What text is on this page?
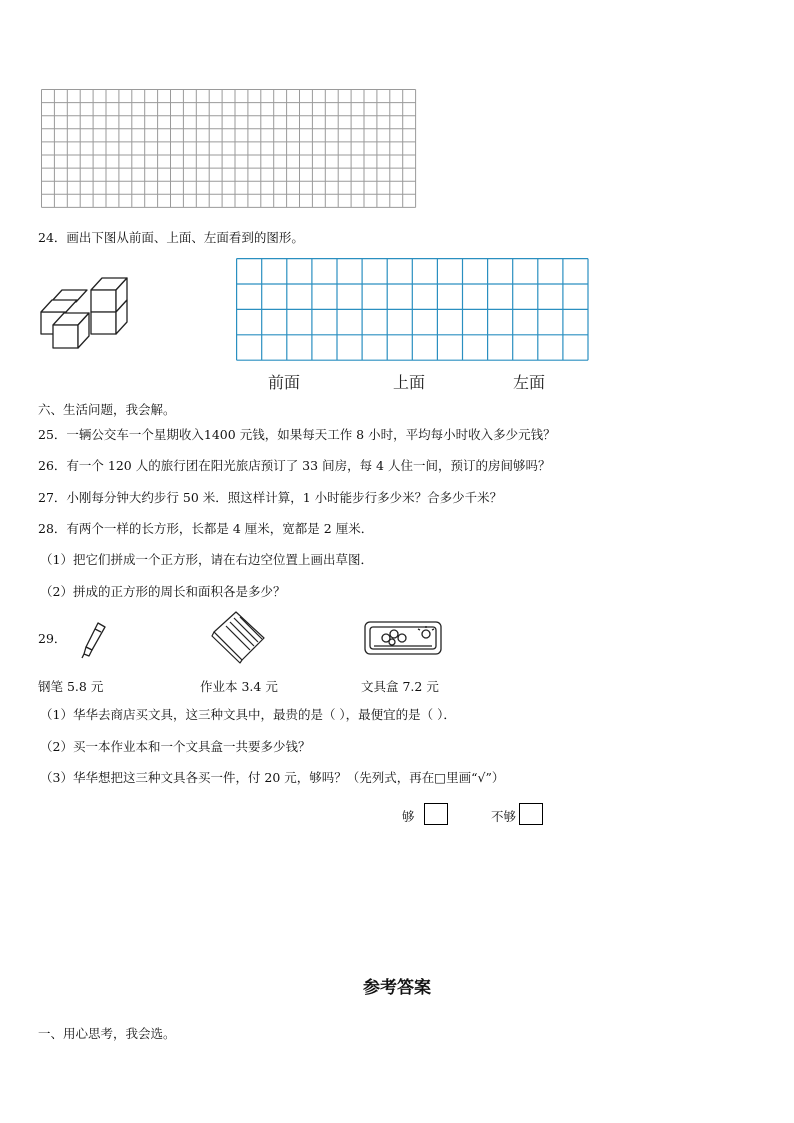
24．画出下图从前面、上面、左面看到的图形。
前面	上面	左面
六、生活问题，我会解。
25．一辆公交车一个星期收入1400 元钱，如果每天工作 8 小时，平均每小时收入多少元钱？
26．有一个 120 人的旅行团在阳光旅店预订了 33 间房，每 4 人住一间，预订的房间够吗？
27．小刚每分钟大约步行 50 米．照这样计算，1 小时能步行多少米？合多少千米？
28．有两个一样的长方形，长都是 4 厘米，宽都是 2 厘米．
（1）把它们拼成一个正方形，请在右边空位置上画出草图．
（2）拼成的正方形的周长和面积各是多少？
29．
钢笔 5.8 元	作业本 3.4 元	文具盒 7.2 元
（1）华华去商店买文具，这三种文具中，最贵的是（ ），最便宜的是（ ）．
（2）买一本作业本和一个文具盒一共要多少钱？
（3）华华想把这三种文具各买一件，付 20 元，够吗？（先列式，再在□里画“√”）
够	不够
参考答案
一、用心思考，我会选。
